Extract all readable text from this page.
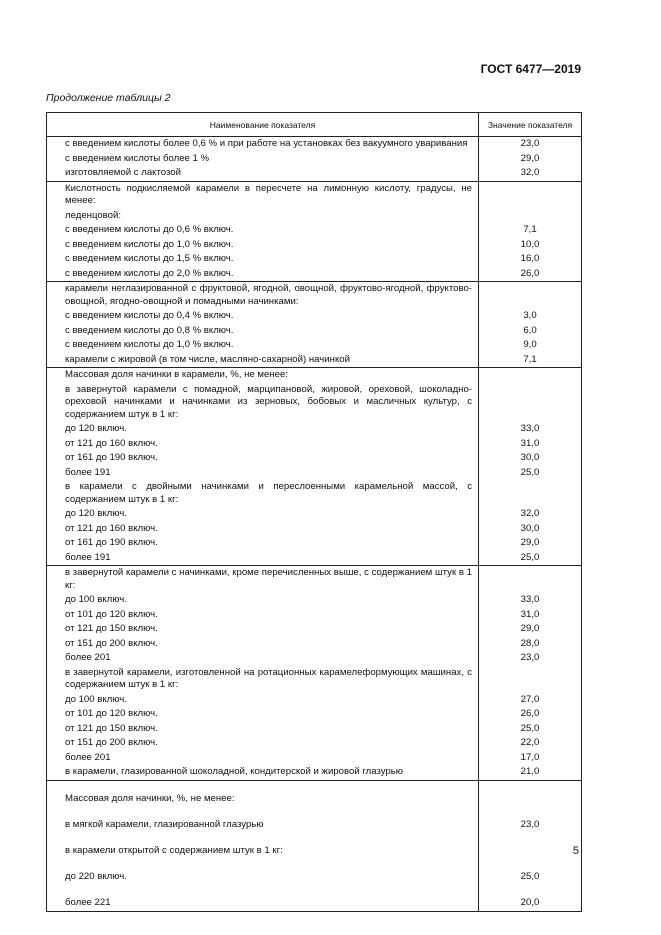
ГОСТ 6477—2019
Продолжение таблицы 2
Наименование показателя	Значение показателя
с введением кислоты более 0,6 % и при работе на установках без вакуумного уваривания	23,0
с введением кислоты более 1 %	29,0
изготовляемой с лактозой	32,0
Кислотность подкисляемой карамели в пересчете на лимонную кислоту, градусы, не менее:	
леденцовой:	
с введением кислоты до 0,6 % включ.	7,1
с введением кислоты до 1,0 % включ.	10,0
с введением кислоты до 1,5 % включ.	16,0
с введением кислоты до 2,0 % включ.	26,0
карамели неглазированной с фруктовой, ягодной, овощной, фруктово-ягодной, фруктово-овощной, ягодно-овощной и помадными начинками:	
с введением кислоты до 0,4 % включ.	3,0
с введением кислоты до 0,8 % включ.	6,0
с введением кислоты до 1,0 % включ.	9,0
карамели с жировой (в том числе, масляно-сахарной) начинкой	7,1
Массовая доля начинки в карамели, %, не менее:	
в завернутой карамели с помадной, марципановой, жировой, ореховой, шоколадно-ореховой начинками и начинками из зерновых, бобовых и масличных культур, с содержанием штук в 1 кг:	
до 120 включ.	33,0
от 121 до 160 включ.	31,0
от 161 до 190 включ.	30,0
более 191	25,0
в карамели с двойными начинками и переслоенными карамельной массой, с содержанием штук в 1 кг:	
до 120 включ.	32,0
от 121 до 160 включ.	30,0
от 161 до 190 включ.	29,0
более 191	25,0
в завернутой карамели с начинками, кроме перечисленных выше, с содержанием штук в 1 кг:	
до 100 включ.	33,0
от 101 до 120 включ.	31,0
от 121 до 150 включ.	29,0
от 151 до 200 включ.	28,0
более 201	23,0
в завернутой карамели, изготовленной на ротационных карамелеформующих машинах, с содержанием штук в 1 кг:	
до 100 включ.	27,0
от 101 до 120 включ.	26,0
от 121 до 150 включ.	25,0
от 151 до 200 включ.	22,0
более 201	17,0
в карамели, глазированной шоколадной, кондитерской и жировой глазурью	21,0
Массовая доля начинки, %, не менее:	
в мягкой карамели, глазированной глазурью	23,0
в карамели открытой с содержанием штук в 1 кг:	
до 220 включ.	25,0
более 221	20,0
5
